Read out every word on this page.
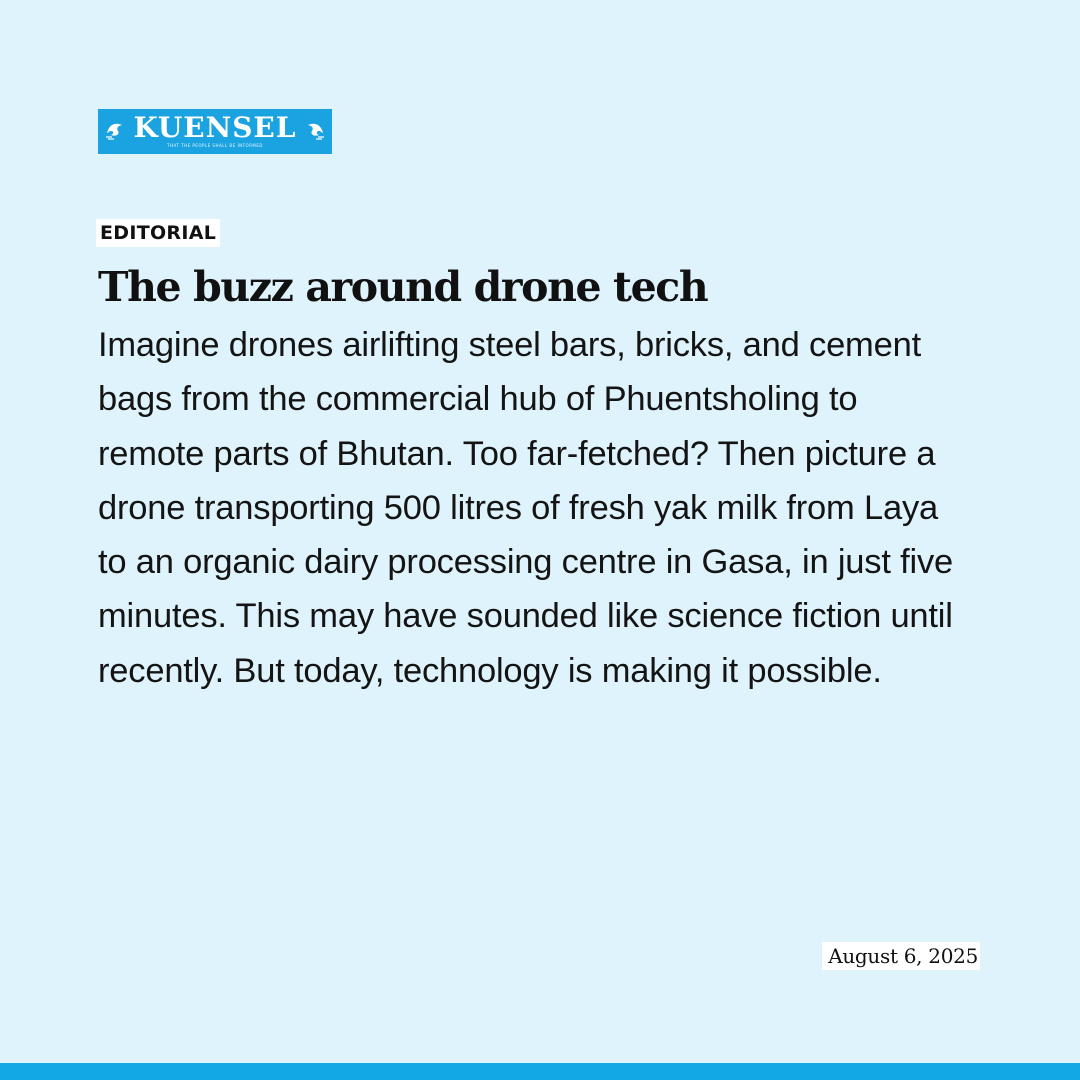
KUENSEL
THAT THE PEOPLE SHALL BE INFORMED
EDITORIAL
The buzz around drone tech

Imagine drones airlifting steel bars, bricks, and cement bags from the commercial hub of Phuentsholing to remote parts of Bhutan. Too far-fetched? Then picture a drone transporting 500 litres of fresh yak milk from Laya to an organic dairy processing centre in Gasa, in just five minutes. This may have sounded like science fiction until recently. But today, technology is making it possible.

August 6, 2025
